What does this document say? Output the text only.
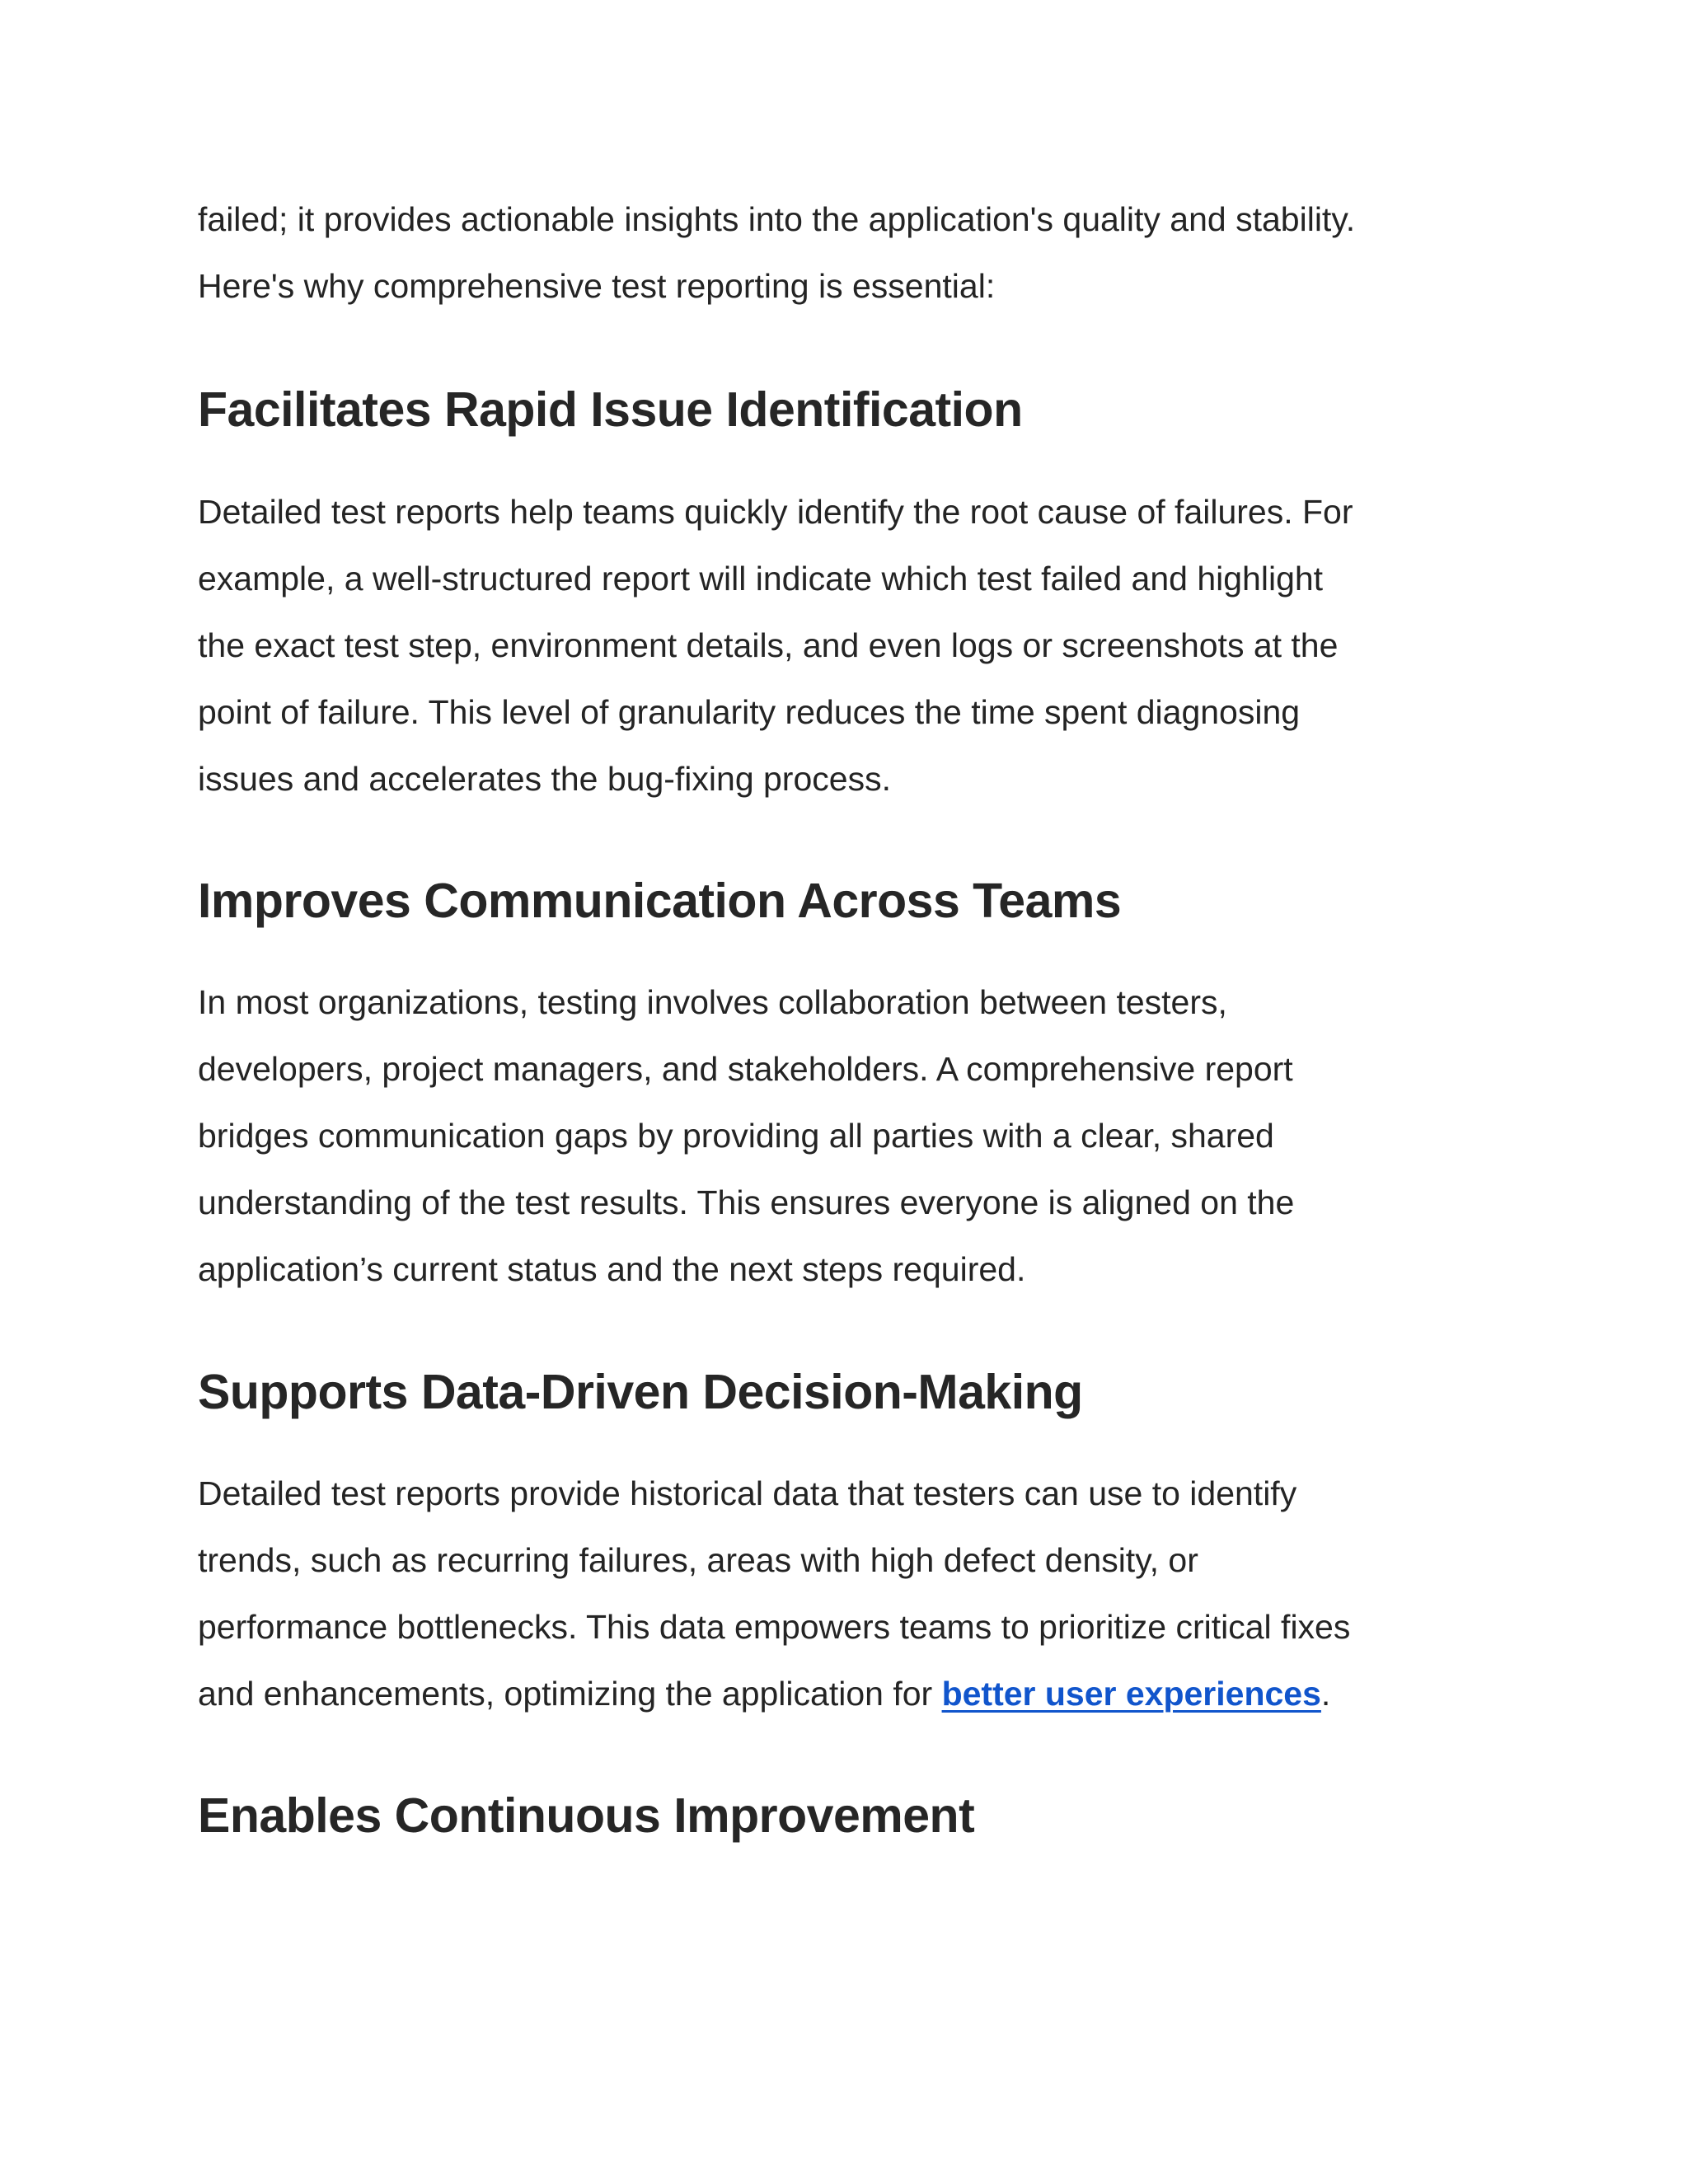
failed; it provides actionable insights into the application's quality and stability.
Here's why comprehensive test reporting is essential:
Facilitates Rapid Issue Identification
Detailed test reports help teams quickly identify the root cause of failures. For
example, a well-structured report will indicate which test failed and highlight
the exact test step, environment details, and even logs or screenshots at the
point of failure. This level of granularity reduces the time spent diagnosing
issues and accelerates the bug-fixing process.
Improves Communication Across Teams
In most organizations, testing involves collaboration between testers,
developers, project managers, and stakeholders. A comprehensive report
bridges communication gaps by providing all parties with a clear, shared
understanding of the test results. This ensures everyone is aligned on the
application’s current status and the next steps required.
Supports Data-Driven Decision-Making
Detailed test reports provide historical data that testers can use to identify
trends, such as recurring failures, areas with high defect density, or
performance bottlenecks. This data empowers teams to prioritize critical fixes
and enhancements, optimizing the application for better user experiences.
Enables Continuous Improvement
